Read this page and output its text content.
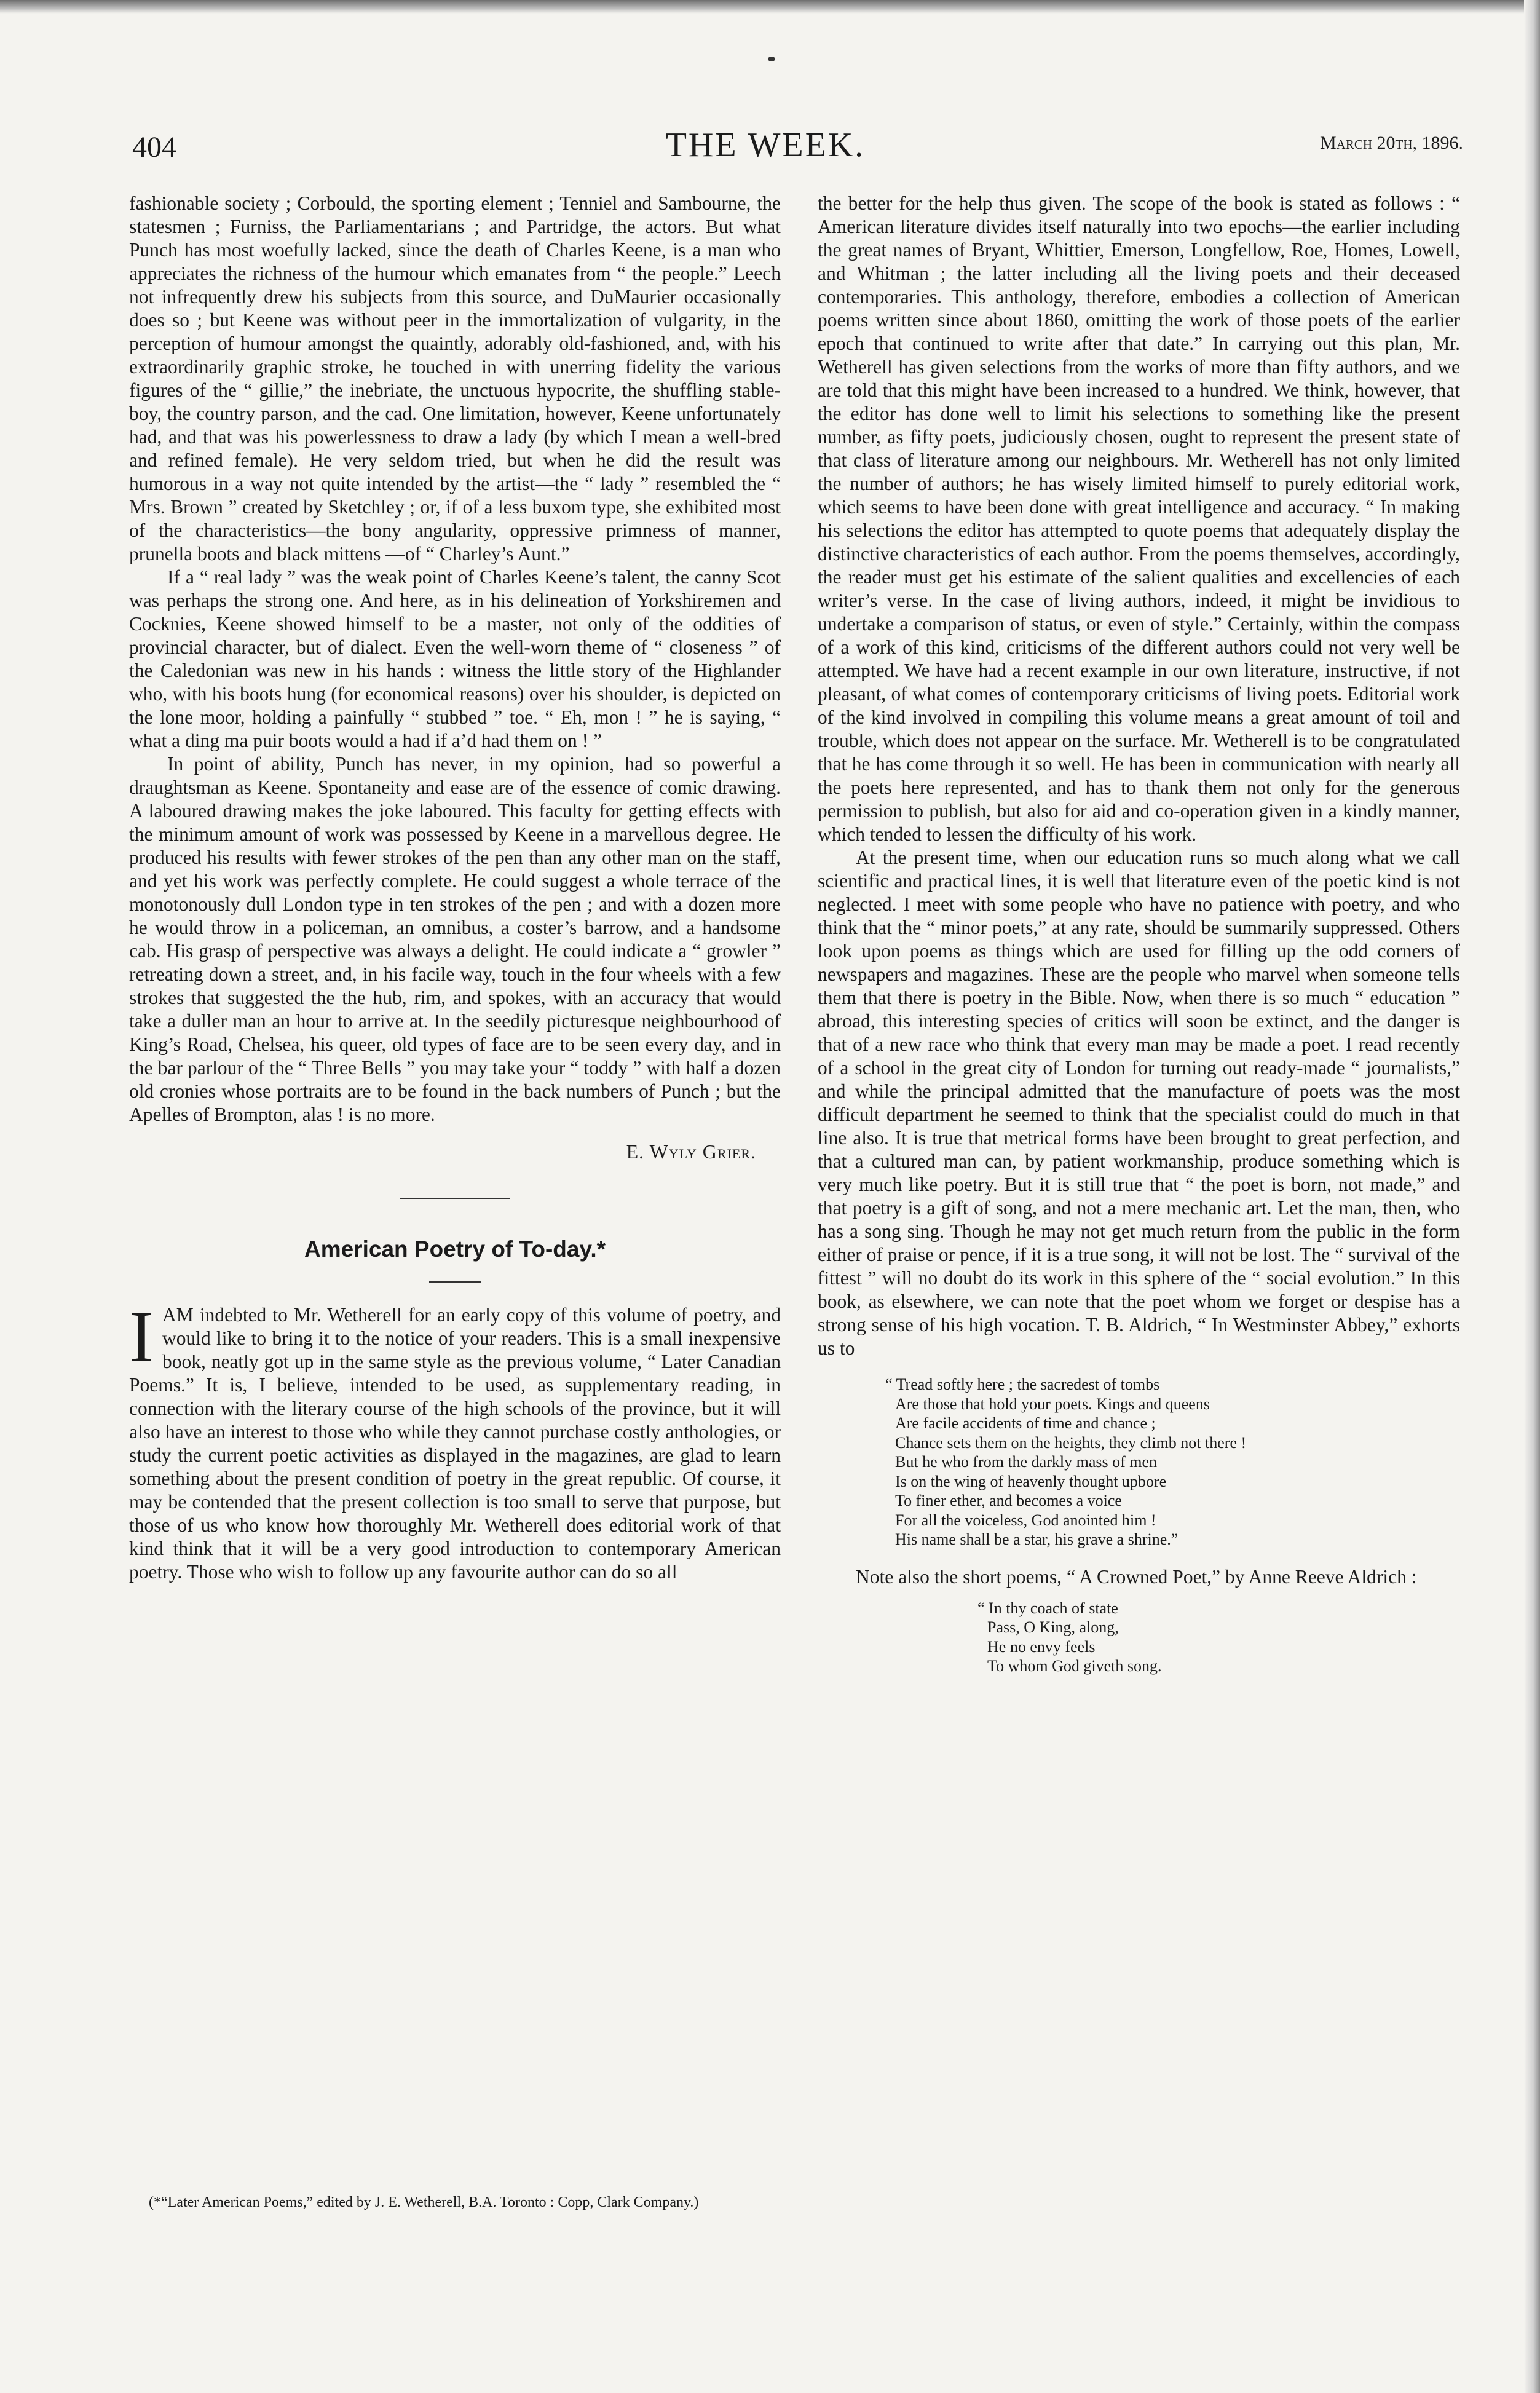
404	THE WEEK.	March 20th, 1896.

fashionable society ; Corbould, the sporting element ; Tenniel and Sambourne, the statesmen ; Furniss, the Parliamentarians ; and Partridge, the actors. But what Punch has most woefully lacked, since the death of Charles Keene, is a man who appreciates the richness of the humour which emanates from “ the people.” Leech not infrequently drew his subjects from this source, and DuMaurier occasionally does so ; but Keene was without peer in the immortalization of vulgarity, in the perception of humour amongst the quaintly, adorably old-fashioned, and, with his extraordinarily graphic stroke, he touched in with unerring fidelity the various figures of the “ gillie,” the inebriate, the unctuous hypocrite, the shuffling stable-boy, the country parson, and the cad. One limitation, however, Keene unfortunately had, and that was his powerlessness to draw a lady (by which I mean a well-bred and refined female). He very seldom tried, but when he did the result was humorous in a way not quite intended by the artist—the “ lady ” resembled the “ Mrs. Brown ” created by Sketchley ; or, if of a less buxom type, she exhibited most of the characteristics—the bony angularity, oppressive primness of manner, prunella boots and black mittens —of “ Charley’s Aunt.”

If a “ real lady ” was the weak point of Charles Keene’s talent, the canny Scot was perhaps the strong one. And here, as in his delineation of Yorkshiremen and Cocknies, Keene showed himself to be a master, not only of the oddities of provincial character, but of dialect. Even the well-worn theme of “ closeness ” of the Caledonian was new in his hands : witness the little story of the Highlander who, with his boots hung (for economical reasons) over his shoulder, is depicted on the lone moor, holding a painfully “ stubbed ” toe. “ Eh, mon ! ” he is saying, “ what a ding ma puir boots would a had if a’d had them on ! ”

In point of ability, Punch has never, in my opinion, had so powerful a draughtsman as Keene. Spontaneity and ease are of the essence of comic drawing. A laboured drawing makes the joke laboured. This faculty for getting effects with the minimum amount of work was possessed by Keene in a marvellous degree. He produced his results with fewer strokes of the pen than any other man on the staff, and yet his work was perfectly complete. He could suggest a whole terrace of the monotonously dull London type in ten strokes of the pen ; and with a dozen more he would throw in a policeman, an omnibus, a coster’s barrow, and a handsome cab. His grasp of perspective was always a delight. He could indicate a “ growler ” retreating down a street, and, in his facile way, touch in the four wheels with a few strokes that suggested the the hub, rim, and spokes, with an accuracy that would take a duller man an hour to arrive at. In the seedily picturesque neighbourhood of King’s Road, Chelsea, his queer, old types of face are to be seen every day, and in the bar parlour of the “ Three Bells ” you may take your “ toddy ” with half a dozen old cronies whose portraits are to be found in the back numbers of Punch ; but the Apelles of Brompton, alas ! is no more.

E. Wyly Grier.
American Poetry of To-day.*

IAM indebted to Mr. Wetherell for an early copy of this volume of poetry, and would like to bring it to the notice of your readers. This is a small inexpensive book, neatly got up in the same style as the previous volume, “ Later Canadian Poems.” It is, I believe, intended to be used, as supplementary reading, in connection with the literary course of the high schools of the province, but it will also have an interest to those who while they cannot purchase costly anthologies, or study the current poetic activities as displayed in the magazines, are glad to learn something about the present condition of poetry in the great republic. Of course, it may be contended that the present collection is too small to serve that purpose, but those of us who know how thoroughly Mr. Wetherell does editorial work of that kind think that it will be a very good introduction to contemporary American poetry. Those who wish to follow up any favourite author can do so all

(*“Later American Poems,” edited by J. E. Wetherell, B.A. Toronto : Copp, Clark Company.)

the better for the help thus given. The scope of the book is stated as follows : “ American literature divides itself naturally into two epochs—the earlier including the great names of Bryant, Whittier, Emerson, Longfellow, Roe, Homes, Lowell, and Whitman ; the latter including all the living poets and their deceased contemporaries. This anthology, therefore, embodies a collection of American poems written since about 1860, omitting the work of those poets of the earlier epoch that continued to write after that date.” In carrying out this plan, Mr. Wetherell has given selections from the works of more than fifty authors, and we are told that this might have been increased to a hundred. We think, however, that the editor has done well to limit his selections to something like the present number, as fifty poets, judiciously chosen, ought to represent the present state of that class of literature among our neighbours. Mr. Wetherell has not only limited the number of authors; he has wisely limited himself to purely editorial work, which seems to have been done with great intelligence and accuracy. “ In making his selections the editor has attempted to quote poems that adequately display the distinctive characteristics of each author. From the poems themselves, accordingly, the reader must get his estimate of the salient qualities and excellencies of each writer’s verse. In the case of living authors, indeed, it might be invidious to undertake a comparison of status, or even of style.” Certainly, within the compass of a work of this kind, criticisms of the different authors could not very well be attempted. We have had a recent example in our own literature, instructive, if not pleasant, of what comes of contemporary criticisms of living poets. Editorial work of the kind involved in compiling this volume means a great amount of toil and trouble, which does not appear on the surface. Mr. Wetherell is to be congratulated that he has come through it so well. He has been in communication with nearly all the poets here represented, and has to thank them not only for the generous permission to publish, but also for aid and co-operation given in a kindly manner, which tended to lessen the difficulty of his work.

At the present time, when our education runs so much along what we call scientific and practical lines, it is well that literature even of the poetic kind is not neglected. I meet with some people who have no patience with poetry, and who think that the “ minor poets,” at any rate, should be summarily suppressed. Others look upon poems as things which are used for filling up the odd corners of newspapers and magazines. These are the people who marvel when someone tells them that there is poetry in the Bible. Now, when there is so much “ education ” abroad, this interesting species of critics will soon be extinct, and the danger is that of a new race who think that every man may be made a poet. I read recently of a school in the great city of London for turning out ready-made “ journalists,” and while the principal admitted that the manufacture of poets was the most difficult department he seemed to think that the specialist could do much in that line also. It is true that metrical forms have been brought to great perfection, and that a cultured man can, by patient workmanship, produce something which is very much like poetry. But it is still true that “ the poet is born, not made,” and that poetry is a gift of song, and not a mere mechanic art. Let the man, then, who has a song sing. Though he may not get much return from the public in the form either of praise or pence, if it is a true song, it will not be lost. The “ survival of the fittest ” will no doubt do its work in this sphere of the “ social evolution.” In this book, as elsewhere, we can note that the poet whom we forget or despise has a strong sense of his high vocation. T. B. Aldrich, “ In Westminster Abbey,” exhorts us to

“ Tread softly here ; the sacredest of tombs
Are those that hold your poets. Kings and queens
Are facile accidents of time and chance ;
Chance sets them on the heights, they climb not there !
But he who from the darkly mass of men
Is on the wing of heavenly thought upbore
To finer ether, and becomes a voice
For all the voiceless, God anointed him !
His name shall be a star, his grave a shrine.”

Note also the short poems, “ A Crowned Poet,” by Anne Reeve Aldrich :

“ In thy coach of state
Pass, O King, along,
He no envy feels
To whom God giveth song.
